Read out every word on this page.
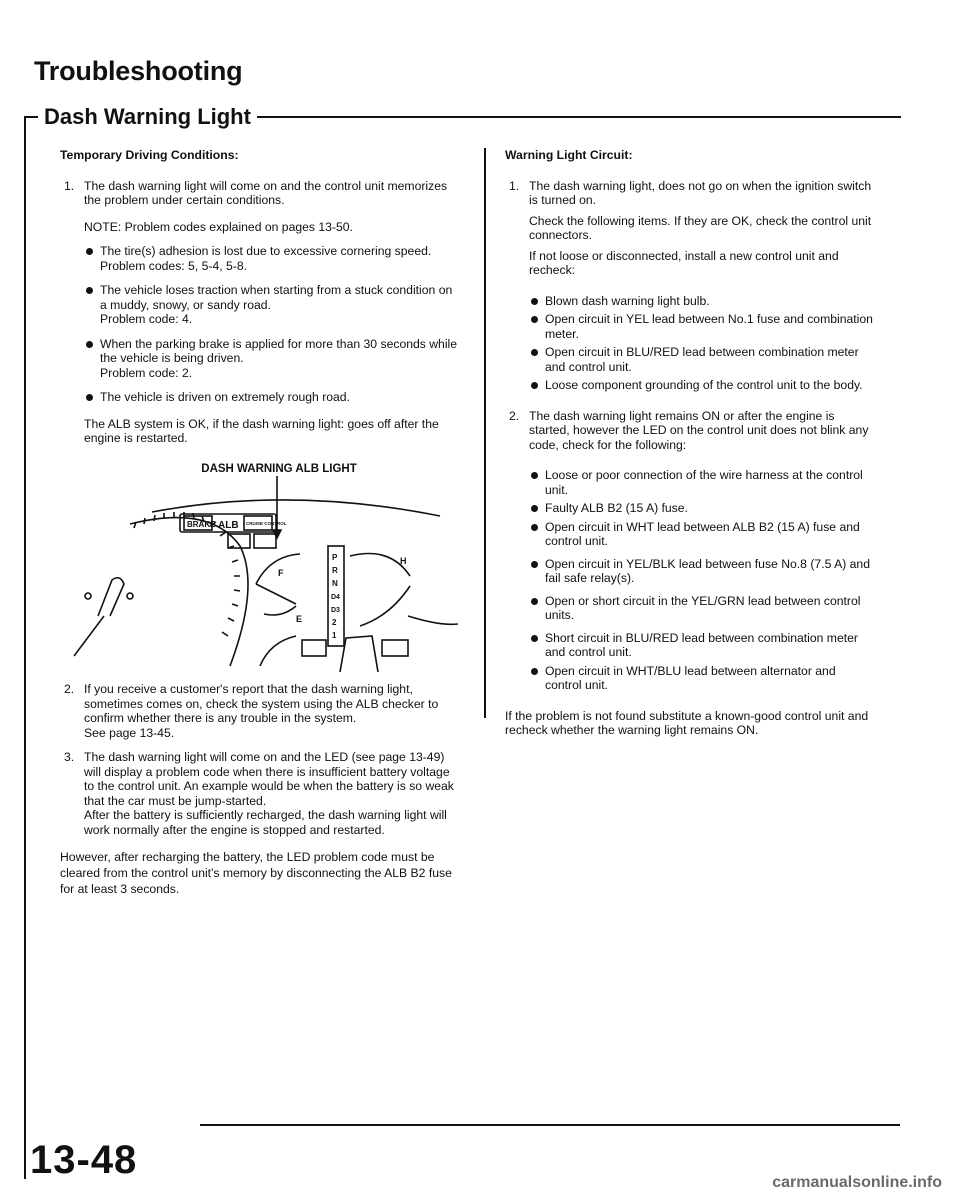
Troubleshooting
Dash Warning Light

Temporary Driving Conditions:

1. The dash warning light will come on and the control unit memorizes the problem under certain conditions.

NOTE: Problem codes explained on pages 13-50.

The tire(s) adhesion is lost due to excessive cornering speed.

Problem codes: 5, 5-4, 5-8.

The vehicle loses traction when starting from a stuck condition on a muddy, snowy, or sandy road.

Problem code: 4.

When the parking brake is applied for more than 30 seconds while the vehicle is being driven.

Problem code: 2.

The vehicle is driven on extremely rough road.

The ALB system is OK, if the dash warning light: goes off after the engine is restarted.

DASH WARNING ALB LIGHT

BRAKE ALB CRUISE CONTROL
F
E
H
P
R
N
D4
D3
2
1
2. If you receive a customer's report that the dash warning light, sometimes comes on, check the system using the ALB checker to confirm whether there is any trouble in the system.

See page 13-45.

3. The dash warning light will come on and the LED (see page 13-49) will display a problem code when there is insufficient battery voltage to the control unit. An example would be when the battery is so weak that the car must be jump-started.

After the battery is sufficiently recharged, the dash warning light will work normally after the engine is stopped and restarted.

However, after recharging the battery, the LED problem code must be cleared from the control unit's memory by disconnecting the ALB B2 fuse for at least 3 seconds.

Warning Light Circuit:

1. The dash warning light, does not go on when the ignition switch is turned on.

Check the following items. If they are OK, check the control unit connectors.

If not loose or disconnected, install a new control unit and recheck:

Blown dash warning light bulb.
Open circuit in YEL lead between No.1 fuse and combination meter.
Open circuit in BLU/RED lead between combination meter and control unit.
Loose component grounding of the control unit to the body.
2. The dash warning light remains ON or after the engine is started, however the LED on the control unit does not blink any code, check for the following:

Loose or poor connection of the wire harness at the control unit.
Faulty ALB B2 (15 A) fuse.
Open circuit in WHT lead between ALB B2 (15 A) fuse and control unit.
Open circuit in YEL/BLK lead between fuse No.8 (7.5 A) and fail safe relay(s).
Open or short circuit in the YEL/GRN lead between control units.
Short circuit in BLU/RED lead between combination meter and control unit.
Open circuit in WHT/BLU lead between alternator and control unit.

If the problem is not found substitute a known-good control unit and recheck whether the warning light remains ON.

13-48
carmanualsonline.info
